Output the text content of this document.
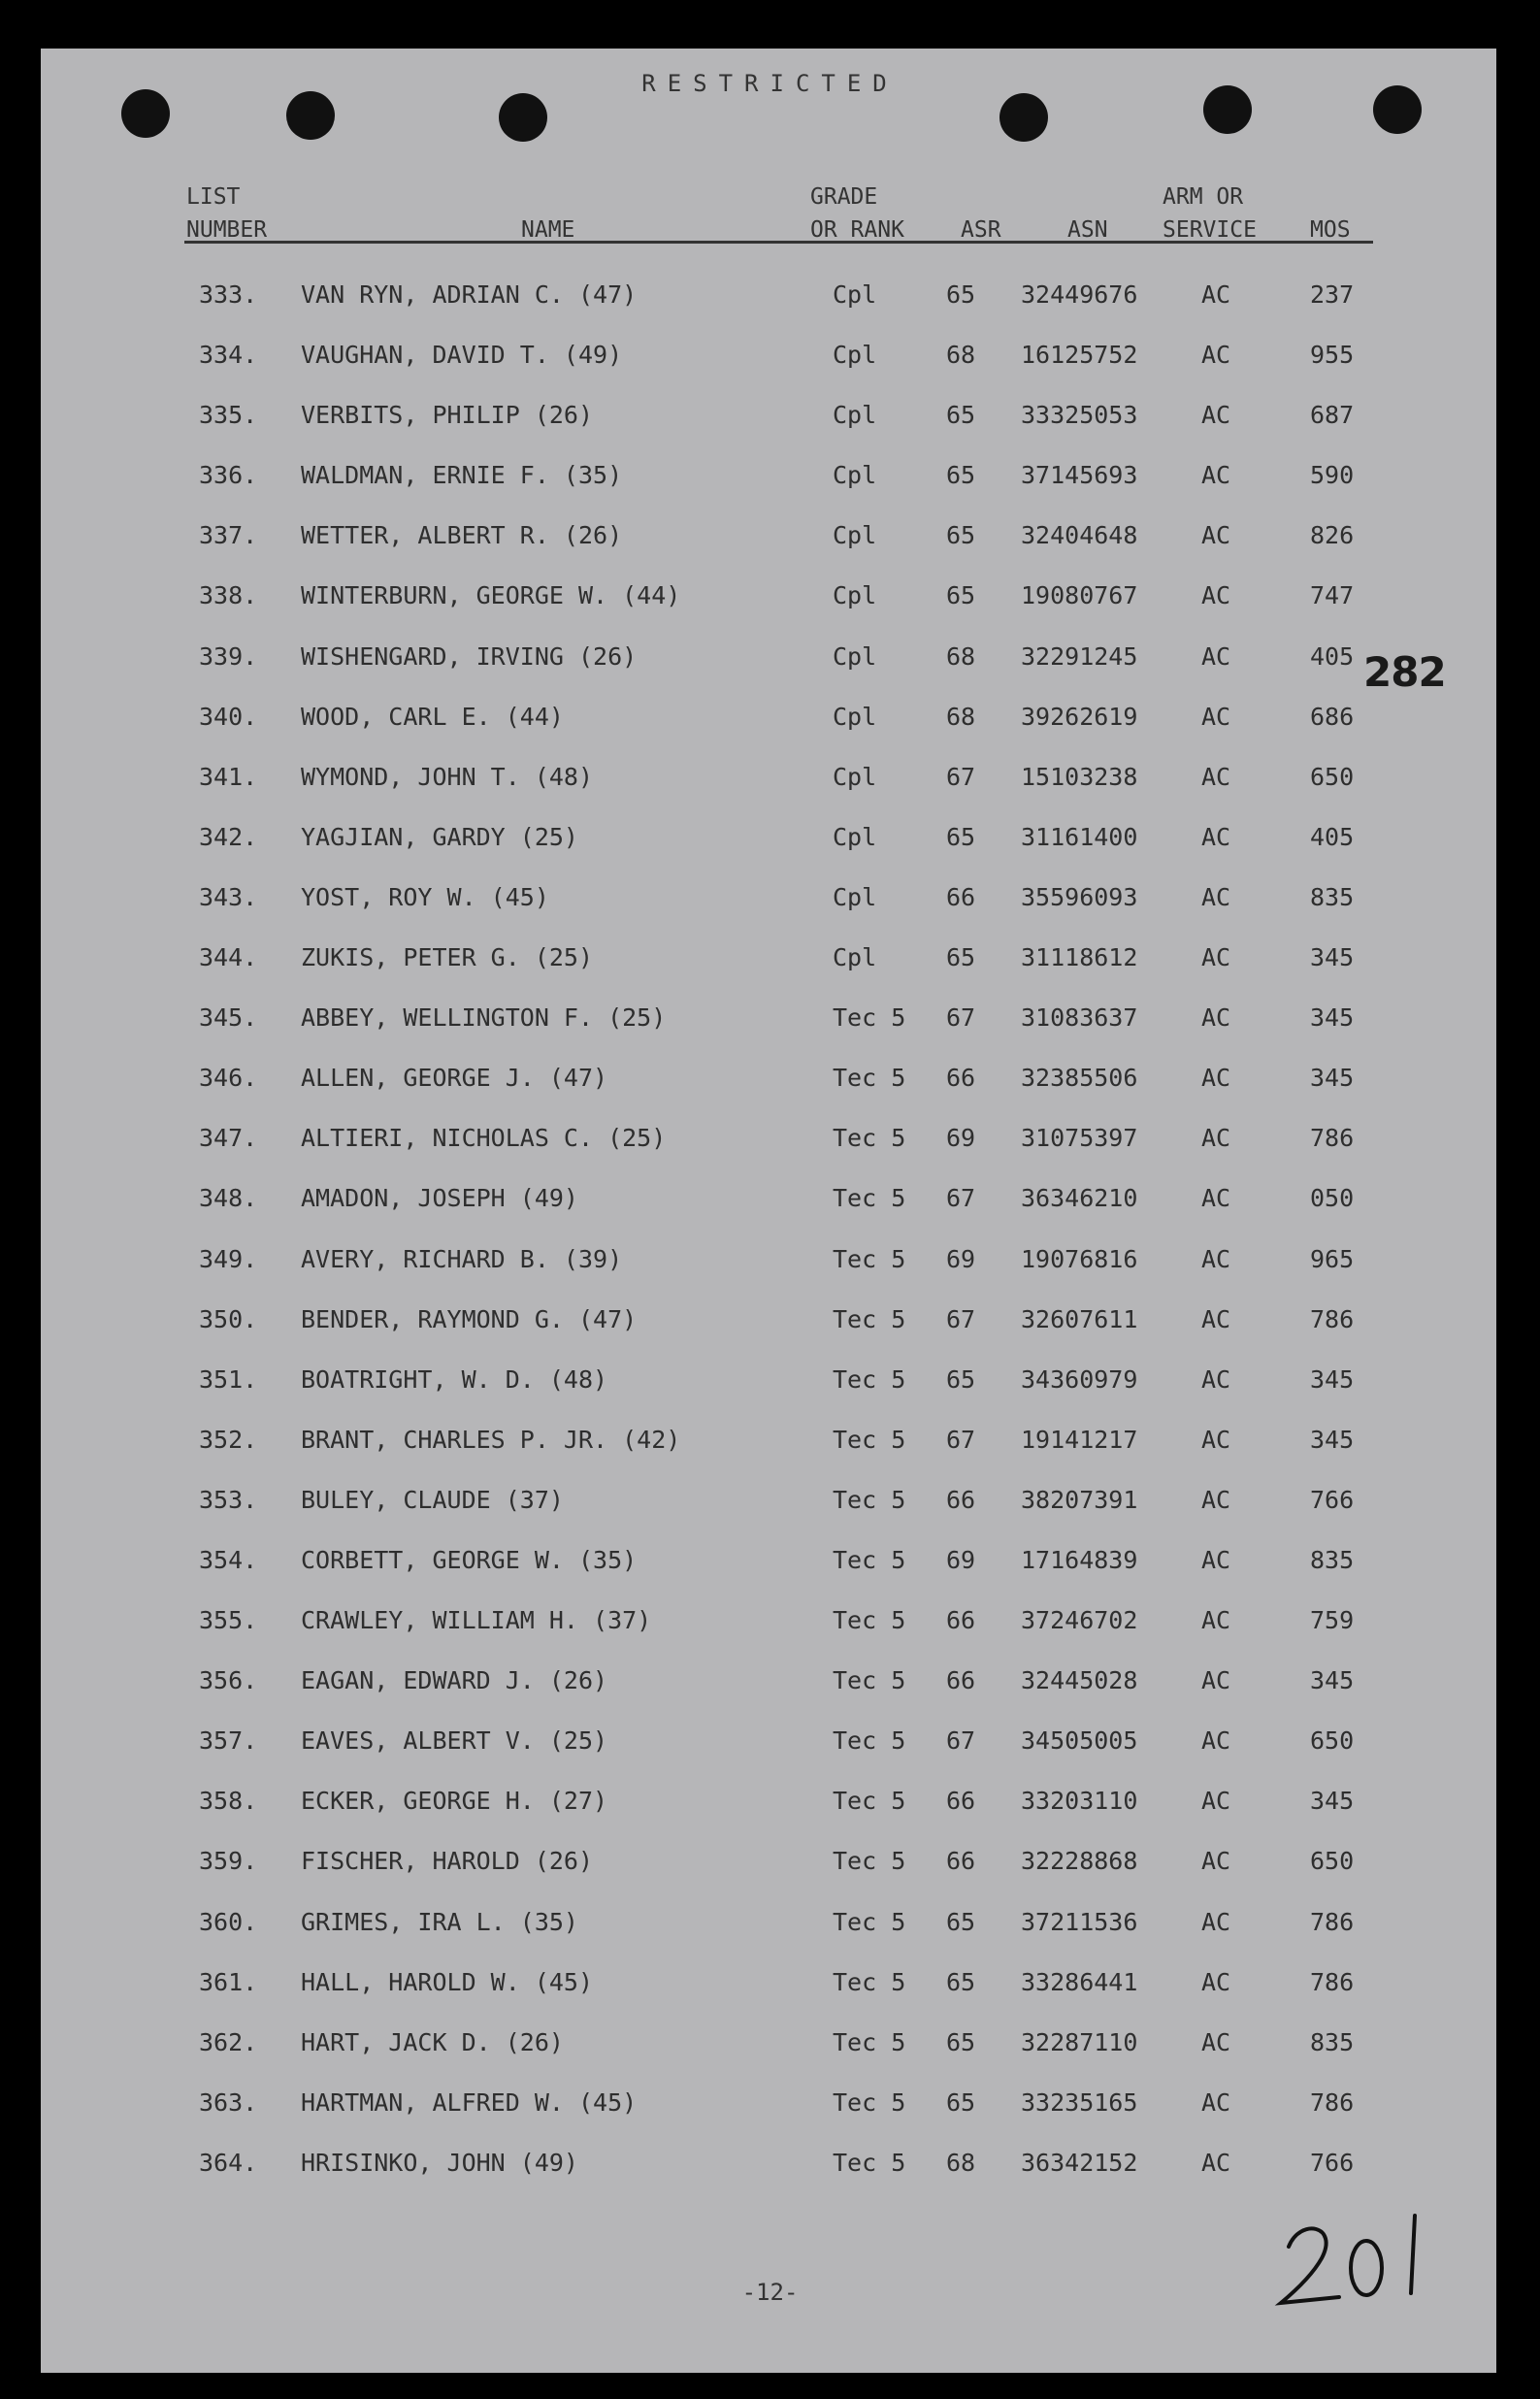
RESTRICTED
LIST
NUMBER	NAME
GRADE
OR RANK	ASR	ASN
ARM OR
SERVICE MOS
333. VAN RYN, ADRIAN C. (47)	Cpl	65 32449676	AC	237
334. VAUGHAN, DAVID T. (49)	Cpl	68 16125752	AC	955
335. VERBITS, PHILIP (26)	Cpl	65 33325053	AC	687
336. WALDMAN, ERNIE F. (35)	Cpl	65 37145693	AC	590
337. WETTER, ALBERT R. (26)	Cpl	65 32404648	AC	826
338. WINTERBURN, GEORGE W. (44)	Cpl	65 19080767	AC	747
339. WISHENGARD, IRVING (26)	Cpl	68 32291245	AC	405
340. WOOD, CARL E. (44)	Cpl	68 39262619	AC	686
341. WYMOND, JOHN T. (48)	Cpl	67 15103238	AC	650
342. YAGJIAN, GARDY (25)	Cpl	65 31161400	AC	405
343. YOST, ROY W. (45)	Cpl	66 35596093	AC	835
344. ZUKIS, PETER G. (25)	Cpl	65 31118612	AC	345
345. ABBEY, WELLINGTON F. (25)	Tec 5 67 31083637	AC	345
346. ALLEN, GEORGE J. (47)	Tec 5 66 32385506	AC	345
347. ALTIERI, NICHOLAS C. (25)	Tec 5 69 31075397	AC	786
348. AMADON, JOSEPH (49)	Tec 5 67 36346210	AC	050
349. AVERY, RICHARD B. (39)	Tec 5 69 19076816	AC	965
350. BENDER, RAYMOND G. (47)	Tec 5 67 32607611	AC	786
351. BOATRIGHT, W. D. (48)	Tec 5 65 34360979	AC	345
352. BRANT, CHARLES P. JR. (42)	Tec 5 67 19141217	AC	345
353. BULEY, CLAUDE (37)	Tec 5 66 38207391	AC	766
354. CORBETT, GEORGE W. (35)	Tec 5 69 17164839	AC	835
355. CRAWLEY, WILLIAM H. (37)	Tec 5 66 37246702	AC	759
356. EAGAN, EDWARD J. (26)	Tec 5 66 32445028	AC	345
357. EAVES, ALBERT V. (25)	Tec 5 67 34505005	AC	650
358. ECKER, GEORGE H. (27)	Tec 5 66 33203110	AC	345
359. FISCHER, HAROLD (26)	Tec 5 66 32228868	AC	650
360. GRIMES, IRA L. (35)	Tec 5 65 37211536	AC	786
361. HALL, HAROLD W. (45)	Tec 5 65 33286441	AC	786
362. HART, JACK D. (26)	Tec 5 65 32287110	AC	835
363. HARTMAN, ALFRED W. (45)	Tec 5 65 33235165	AC	786
364. HRISINKO, JOHN (49)	Tec 5 68 36342152	AC	766
282
-12-
